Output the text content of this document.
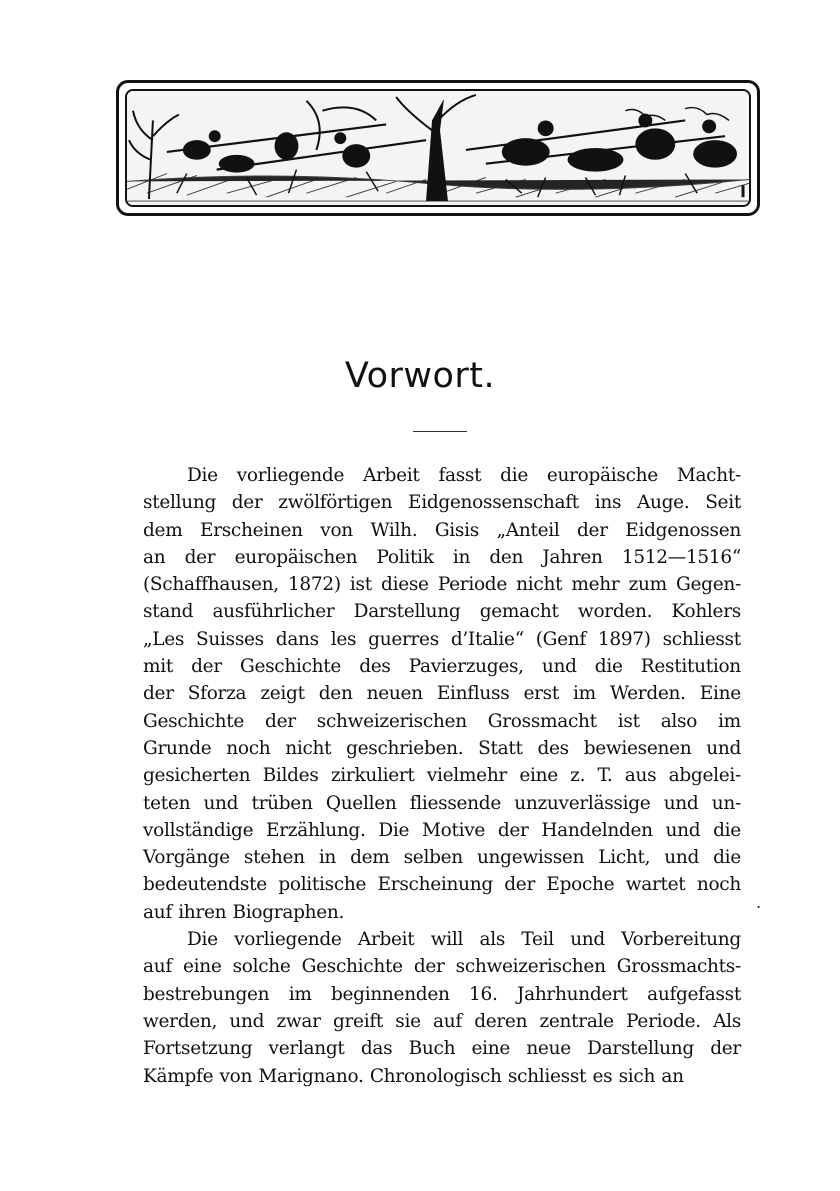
Vorwort.
Die vorliegende Arbeit fasst die europäische Macht-
stellung der zwölförtigen Eidgenossenschaft ins Auge. Seit
dem Erscheinen von Wilh. Gisis „Anteil der Eidgenossen
an der europäischen Politik in den Jahren 1512—1516“
(Schaffhausen, 1872) ist diese Periode nicht mehr zum Gegen-
stand ausführlicher Darstellung gemacht worden. Kohlers
„Les Suisses dans les guerres d’Italie“ (Genf 1897) schliesst
mit der Geschichte des Pavierzuges, und die Restitution
der Sforza zeigt den neuen Einfluss erst im Werden. Eine
Geschichte der schweizerischen Grossmacht ist also im
Grunde noch nicht geschrieben. Statt des bewiesenen und
gesicherten Bildes zirkuliert vielmehr eine z. T. aus abgelei-
teten und trüben Quellen fliessende unzuverlässige und un-
vollständige Erzählung. Die Motive der Handelnden und die
Vorgänge stehen in dem selben ungewissen Licht, und die
bedeutendste politische Erscheinung der Epoche wartet noch
auf ihren Biographen.
Die vorliegende Arbeit will als Teil und Vorbereitung
auf eine solche Geschichte der schweizerischen Grossmachts-
bestrebungen im beginnenden 16. Jahrhundert aufgefasst
werden, und zwar greift sie auf deren zentrale Periode. Als
Fortsetzung verlangt das Buch eine neue Darstellung der
Kämpfe von Marignano. Chronologisch schliesst es sich an
.
